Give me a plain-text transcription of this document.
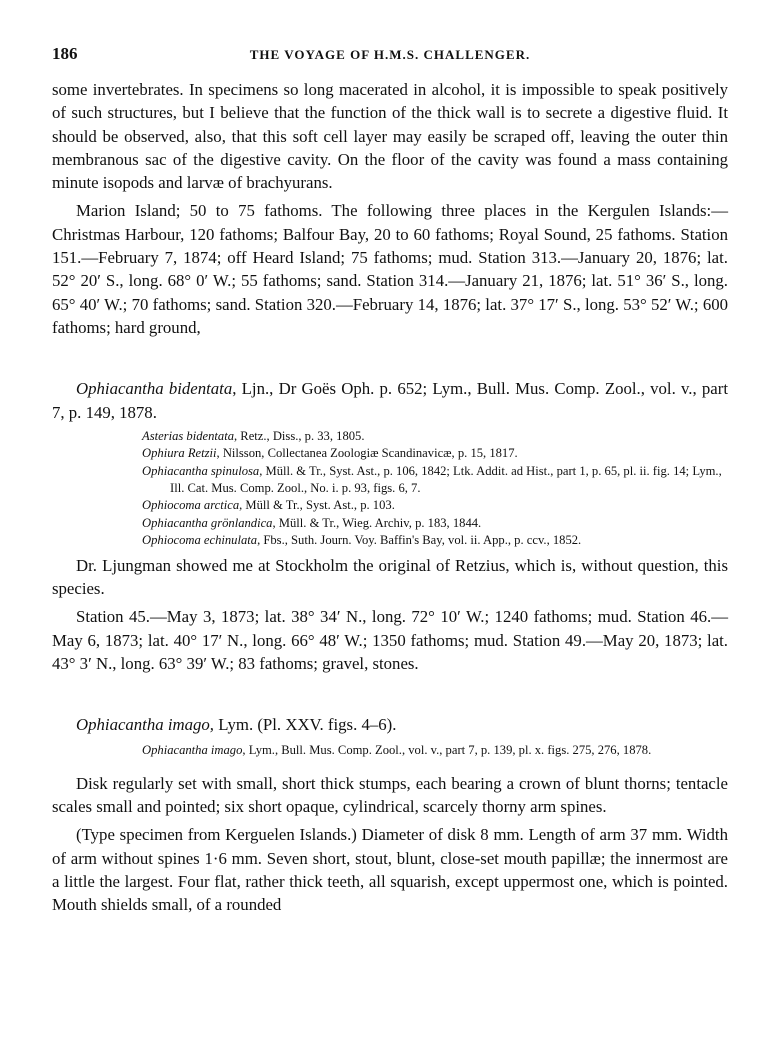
186	THE VOYAGE OF H.M.S. CHALLENGER.

some invertebrates. In specimens so long macerated in alcohol, it is impossible to speak positively of such structures, but I believe that the function of the thick wall is to secrete a digestive fluid. It should be observed, also, that this soft cell layer may easily be scraped off, leaving the outer thin membranous sac of the digestive cavity. On the floor of the cavity was found a mass containing minute isopods and larvæ of brachyurans.

Marion Island; 50 to 75 fathoms. The following three places in the Kergulen Islands:—Christmas Harbour, 120 fathoms; Balfour Bay, 20 to 60 fathoms; Royal Sound, 25 fathoms. Station 151.—February 7, 1874; off Heard Island; 75 fathoms; mud. Station 313.—January 20, 1876; lat. 52° 20′ S., long. 68° 0′ W.; 55 fathoms; sand. Station 314.—January 21, 1876; lat. 51° 36′ S., long. 65° 40′ W.; 70 fathoms; sand. Station 320.—February 14, 1876; lat. 37° 17′ S., long. 53° 52′ W.; 600 fathoms; hard ground,

Ophiacantha bidentata, Ljn., Dr Goës Oph. p. 652; Lym., Bull. Mus. Comp. Zool., vol. v., part 7, p. 149, 1878.

Asterias bidentata, Retz., Diss., p. 33, 1805.
Ophiura Retzii, Nilsson, Collectanea Zoologiæ Scandinavicæ, p. 15, 1817.
Ophiacantha spinulosa, Müll. & Tr., Syst. Ast., p. 106, 1842; Ltk. Addit. ad Hist., part 1, p. 65, pl. ii. fig. 14; Lym., Ill. Cat. Mus. Comp. Zool., No. i. p. 93, figs. 6, 7.
Ophiocoma arctica, Müll & Tr., Syst. Ast., p. 103.
Ophiacantha grönlandica, Müll. & Tr., Wieg. Archiv, p. 183, 1844.
Ophiocoma echinulata, Fbs., Suth. Journ. Voy. Baffin's Bay, vol. ii. App., p. ccv., 1852.

Dr. Ljungman showed me at Stockholm the original of Retzius, which is, without question, this species.

Station 45.—May 3, 1873; lat. 38° 34′ N., long. 72° 10′ W.; 1240 fathoms; mud. Station 46.—May 6, 1873; lat. 40° 17′ N., long. 66° 48′ W.; 1350 fathoms; mud. Station 49.—May 20, 1873; lat. 43° 3′ N., long. 63° 39′ W.; 83 fathoms; gravel, stones.

Ophiacantha imago, Lym. (Pl. XXV. figs. 4–6).

Ophiacantha imago, Lym., Bull. Mus. Comp. Zool., vol. v., part 7, p. 139, pl. x. figs. 275, 276, 1878.

Disk regularly set with small, short thick stumps, each bearing a crown of blunt thorns; tentacle scales small and pointed; six short opaque, cylindrical, scarcely thorny arm spines.

(Type specimen from Kerguelen Islands.) Diameter of disk 8 mm. Length of arm 37 mm. Width of arm without spines 1·6 mm. Seven short, stout, blunt, close-set mouth papillæ; the innermost are a little the largest. Four flat, rather thick teeth, all squarish, except uppermost one, which is pointed. Mouth shields small, of a rounded
